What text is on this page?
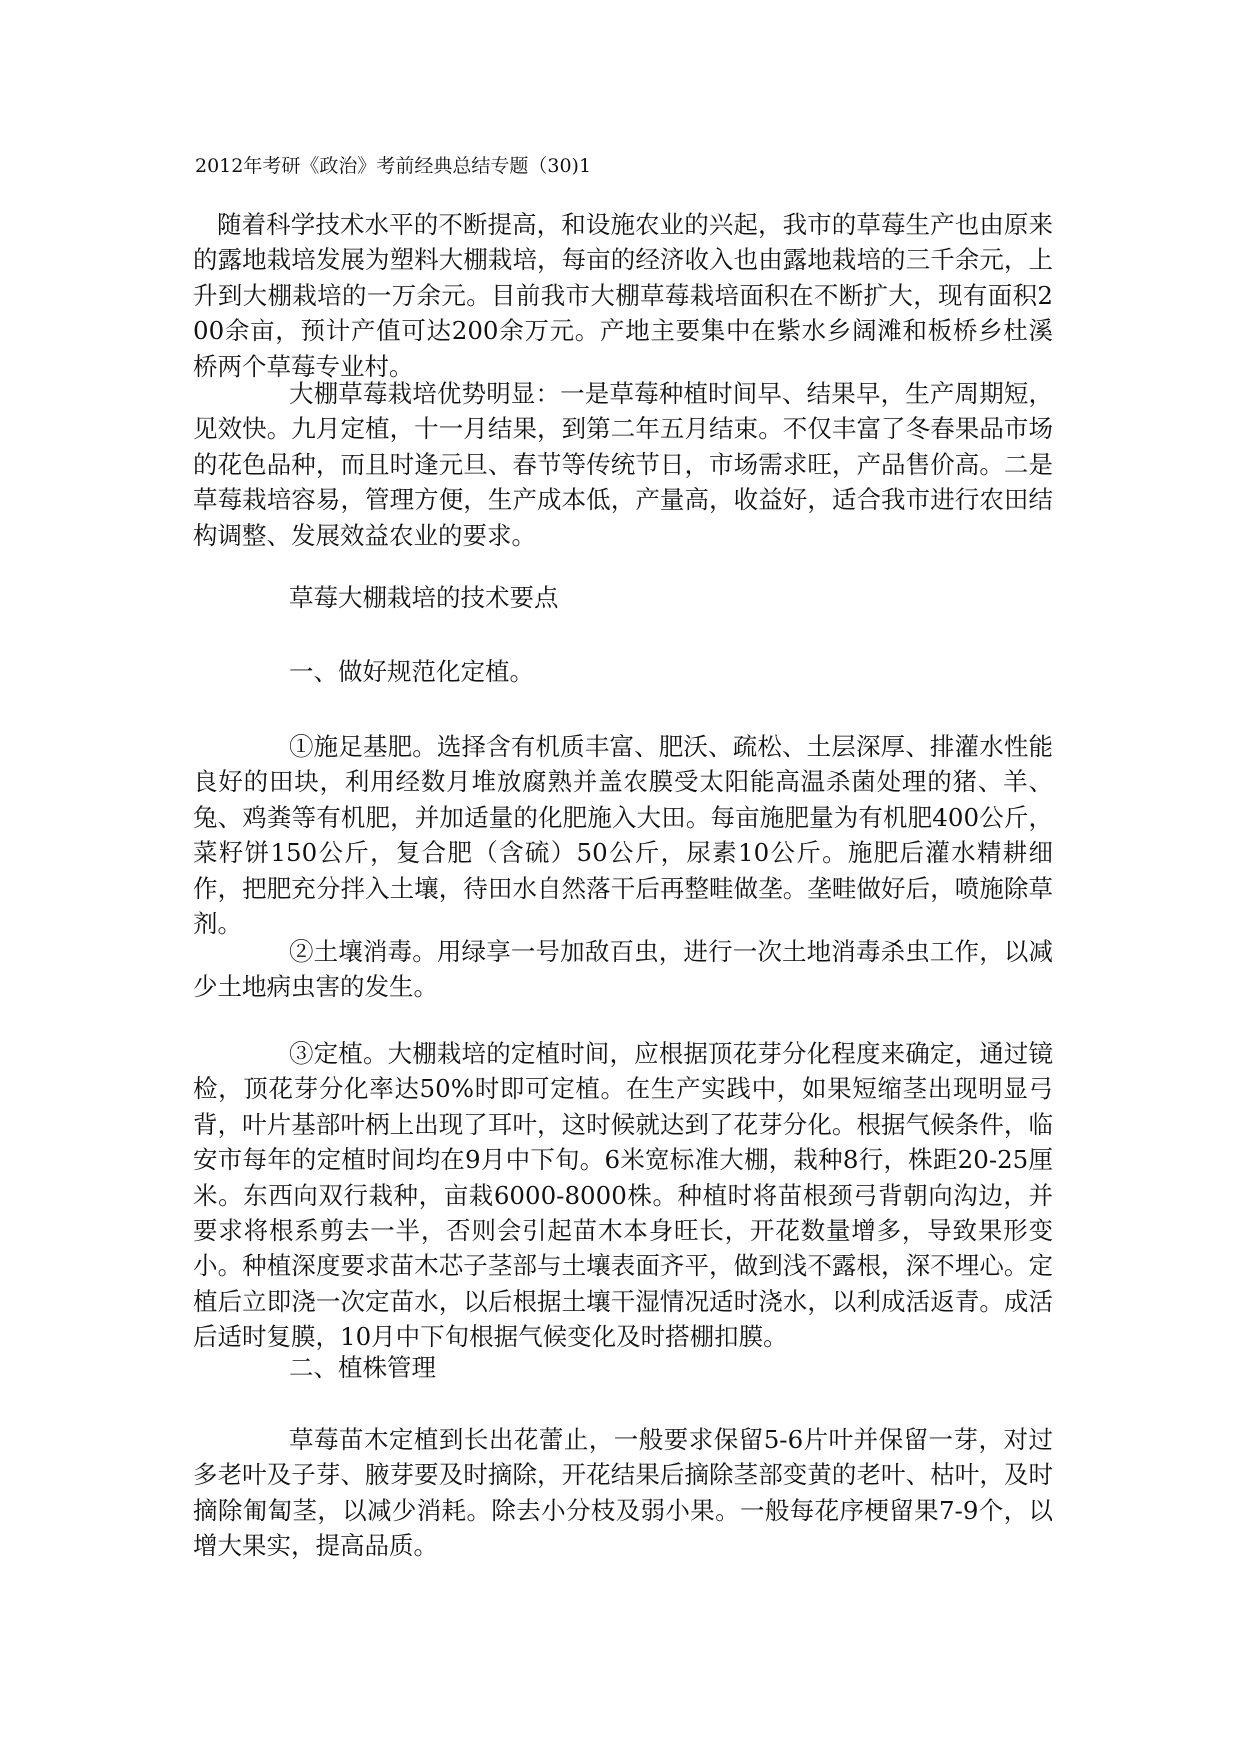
2012年考研《政治》考前经典总结专题（30)1

随着科学技术水平的不断提高，和设施农业的兴起，我市的草莓生产也由原来的露地栽培发展为塑料大棚栽培，每亩的经济收入也由露地栽培的三千余元，上升到大棚栽培的一万余元。目前我市大棚草莓栽培面积在不断扩大，现有面积200余亩，预计产值可达200余万元。产地主要集中在紫水乡阔滩和板桥乡杜溪桥两个草莓专业村。

大棚草莓栽培优势明显：一是草莓种植时间早、结果早，生产周期短，见效快。九月定植，十一月结果，到第二年五月结束。不仅丰富了冬春果品市场的花色品种，而且时逢元旦、春节等传统节日，市场需求旺，产品售价高。二是草莓栽培容易，管理方便，生产成本低，产量高，收益好，适合我市进行农田结构调整、发展效益农业的要求。

草莓大棚栽培的技术要点

一、做好规范化定植。

①施足基肥。选择含有机质丰富、肥沃、疏松、土层深厚、排灌水性能良好的田块，利用经数月堆放腐熟并盖农膜受太阳能高温杀菌处理的猪、羊、兔、鸡粪等有机肥，并加适量的化肥施入大田。每亩施肥量为有机肥400公斤，菜籽饼150公斤，复合肥（含硫）50公斤，尿素10公斤。施肥后灌水精耕细作，把肥充分拌入土壤，待田水自然落干后再整畦做垄。垄畦做好后，喷施除草剂。

②土壤消毒。用绿享一号加敌百虫，进行一次土地消毒杀虫工作，以减少土地病虫害的发生。

③定植。大棚栽培的定植时间，应根据顶花芽分化程度来确定，通过镜检，顶花芽分化率达50%时即可定植。在生产实践中，如果短缩茎出现明显弓背，叶片基部叶柄上出现了耳叶，这时候就达到了花芽分化。根据气候条件，临安市每年的定植时间均在9月中下旬。6米宽标准大棚，栽种8行，株距20-25厘米。东西向双行栽种，亩栽6000-8000株。种植时将苗根颈弓背朝向沟边，并要求将根系剪去一半，否则会引起苗木本身旺长，开花数量增多，导致果形变小。种植深度要求苗木芯子茎部与土壤表面齐平，做到浅不露根，深不埋心。定植后立即浇一次定苗水，以后根据土壤干湿情况适时浇水，以利成活返青。成活后适时复膜，10月中下旬根据气候变化及时搭棚扣膜。

二、植株管理

草莓苗木定植到长出花蕾止，一般要求保留5-6片叶并保留一芽，对过多老叶及子芽、腋芽要及时摘除，开花结果后摘除茎部变黄的老叶、枯叶，及时摘除匍匐茎，以减少消耗。除去小分枝及弱小果。一般每花序梗留果7-9个，以增大果实，提高品质。
